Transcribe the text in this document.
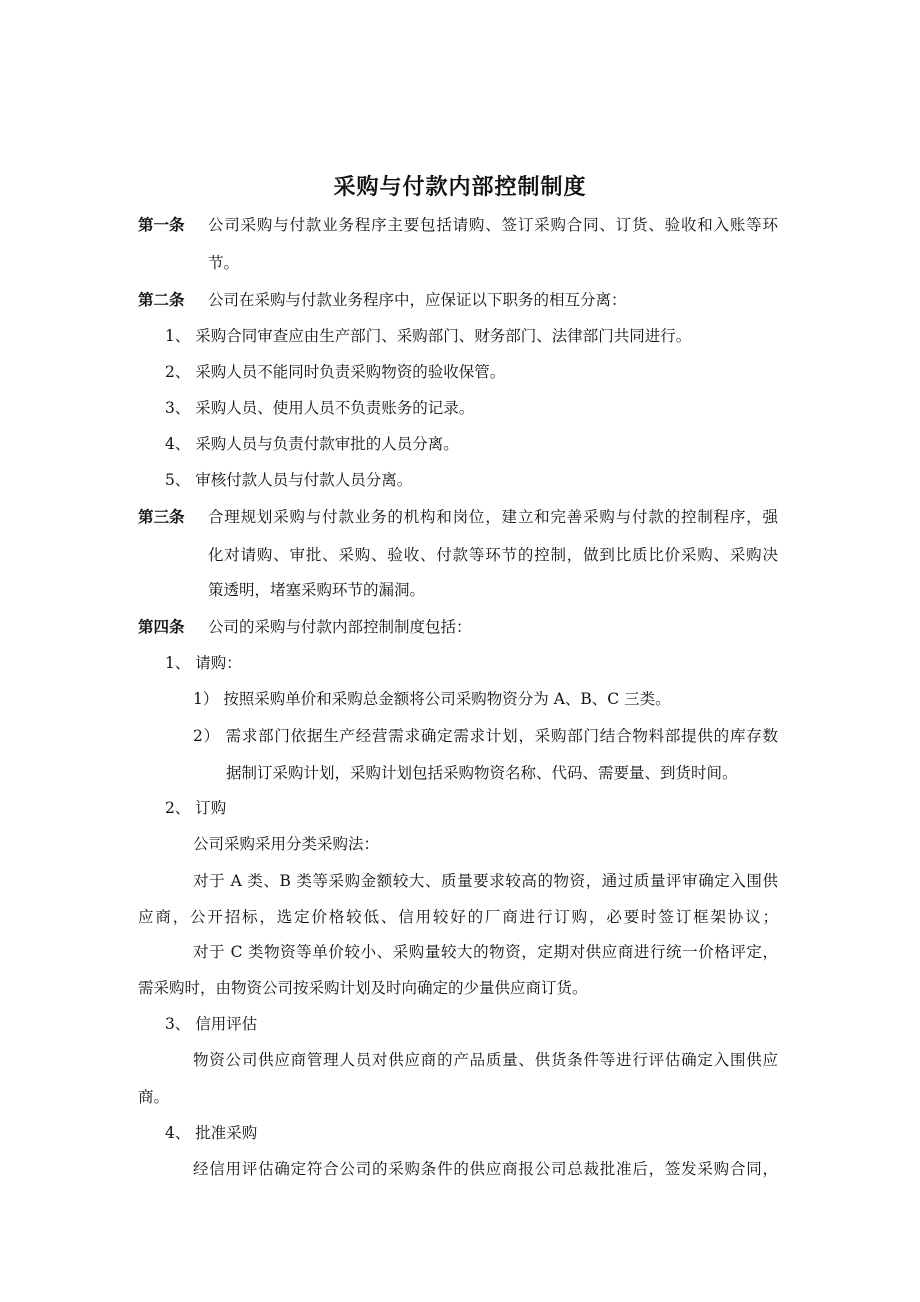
采购与付款内部控制制度
第一条 公司采购与付款业务程序主要包括请购、签订采购合同、订货、验收和入账等环
节。
第二条 公司在采购与付款业务程序中，应保证以下职务的相互分离：
1、 采购合同审查应由生产部门、采购部门、财务部门、法律部门共同进行。
2、 采购人员不能同时负责采购物资的验收保管。
3、 采购人员、使用人员不负责账务的记录。
4、 采购人员与负责付款审批的人员分离。
5、 审核付款人员与付款人员分离。
第三条 合理规划采购与付款业务的机构和岗位，建立和完善采购与付款的控制程序，强
化对请购、审批、采购、验收、付款等环节的控制，做到比质比价采购、采购决
策透明，堵塞采购环节的漏洞。
第四条 公司的采购与付款内部控制制度包括：
1、 请购：
1） 按照采购单价和采购总金额将公司采购物资分为 A、B、C 三类。
2） 需求部门依据生产经营需求确定需求计划，采购部门结合物料部提供的库存数
据制订采购计划，采购计划包括采购物资名称、代码、需要量、到货时间。
2、 订购
公司采购采用分类采购法：
对于 A 类、B 类等采购金额较大、质量要求较高的物资，通过质量评审确定入围供
应商，公开招标，选定价格较低、信用较好的厂商进行订购，必要时签订框架协议；
对于 C 类物资等单价较小、采购量较大的物资，定期对供应商进行统一价格评定，
需采购时，由物资公司按采购计划及时向确定的少量供应商订货。
3、 信用评估
物资公司供应商管理人员对供应商的产品质量、供货条件等进行评估确定入围供应
商。
4、 批准采购
经信用评估确定符合公司的采购条件的供应商报公司总裁批准后，签发采购合同，
